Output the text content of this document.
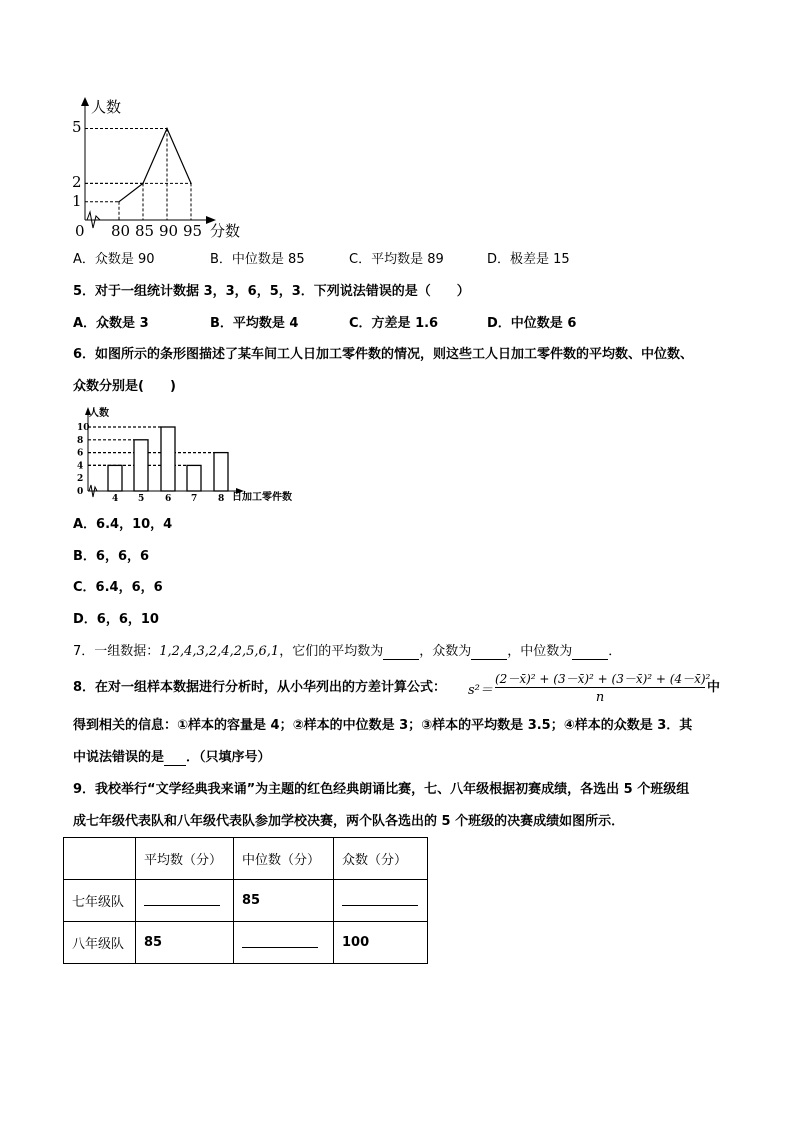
人数
分数
0
5
2
1
80 85 90 95
A．众数是 90	B．中位数是 85	C．平均数是 89	D．极差是 15
5．对于一组统计数据 3，3，6，5，3．下列说法错误的是（　　）
A．众数是 3	B．平均数是 4	C．方差是 1.6	D．中位数是 6
6．如图所示的条形图描述了某车间工人日加工零件数的情况，则这些工人日加工零件数的平均数、中位数、
众数分别是(　　)
人数
日加工零件数
10
8
6
4
2
0
4 5 6 7 8
A．6.4，10，4
B．6，6，6
C．6.4，6，6
D．6，6，10
7．一组数据：1,2,4,3,2,4,2,5,6,1，它们的平均数为	，众数为	，中位数为	．
8．在对一组样本数据进行分析时，从小华列出的方差计算公式： s²＝
(2－x̄)² + (3－x̄)² + (3－x̄)² + (4－x̄)²
n
中
得到相关的信息：①样本的容量是 4；②样本的中位数是 3；③样本的平均数是 3.5；④样本的众数是 3．其
中说法错误的是 ．（只填序号）
9．我校举行“文学经典我来诵”为主题的红色经典朗诵比赛，七、八年级根据初赛成绩，各选出 5 个班级组
成七年级代表队和八年级代表队参加学校决赛，两个队各选出的 5 个班级的决赛成绩如图所示．
	平均数（分）	中位数（分）	众数（分）
七年级队		85	
八年级队	85		100
